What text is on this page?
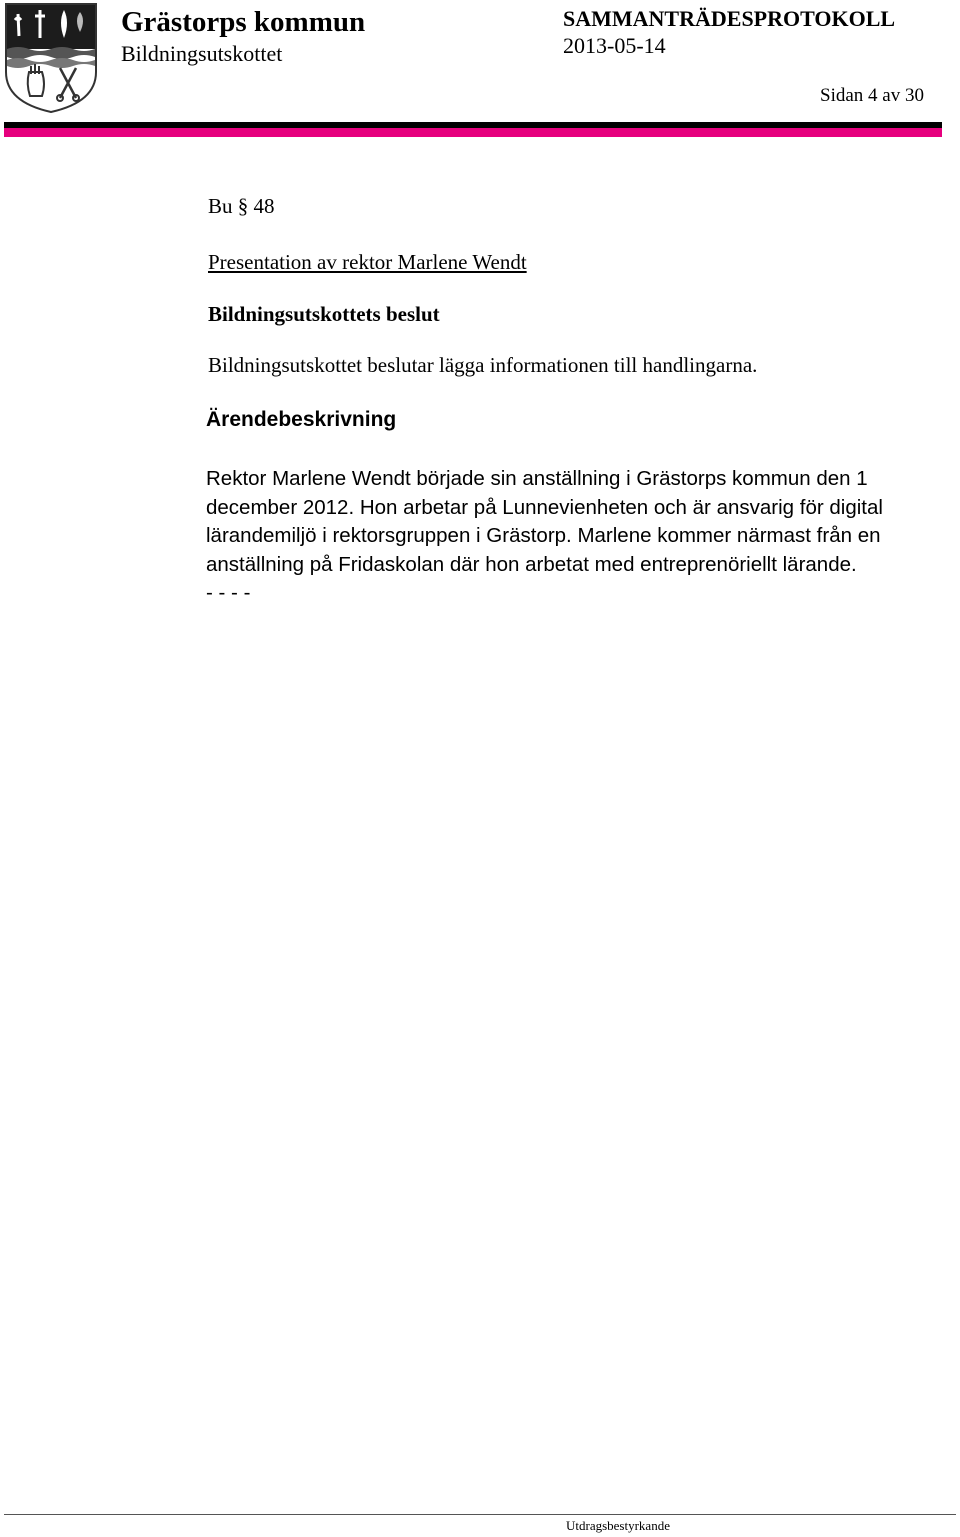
Grästorps kommun
Bildningsutskottet
SAMMANTRÄDESPROTOKOLL
2013-05-14
Sidan 4 av 30
Bu § 48
Presentation av rektor Marlene Wendt
Bildningsutskottets beslut
Bildningsutskottet beslutar lägga informationen till handlingarna.
Ärendebeskrivning
Rektor Marlene Wendt började sin anställning i Grästorps kommun den 1
december 2012. Hon arbetar på Lunnevienheten och är ansvarig för digital
lärandemiljö i rektorsgruppen i Grästorp. Marlene kommer närmast från en
anställning på Fridaskolan där hon arbetat med entreprenöriellt lärande.
- - - -
Utdragsbestyrkande
